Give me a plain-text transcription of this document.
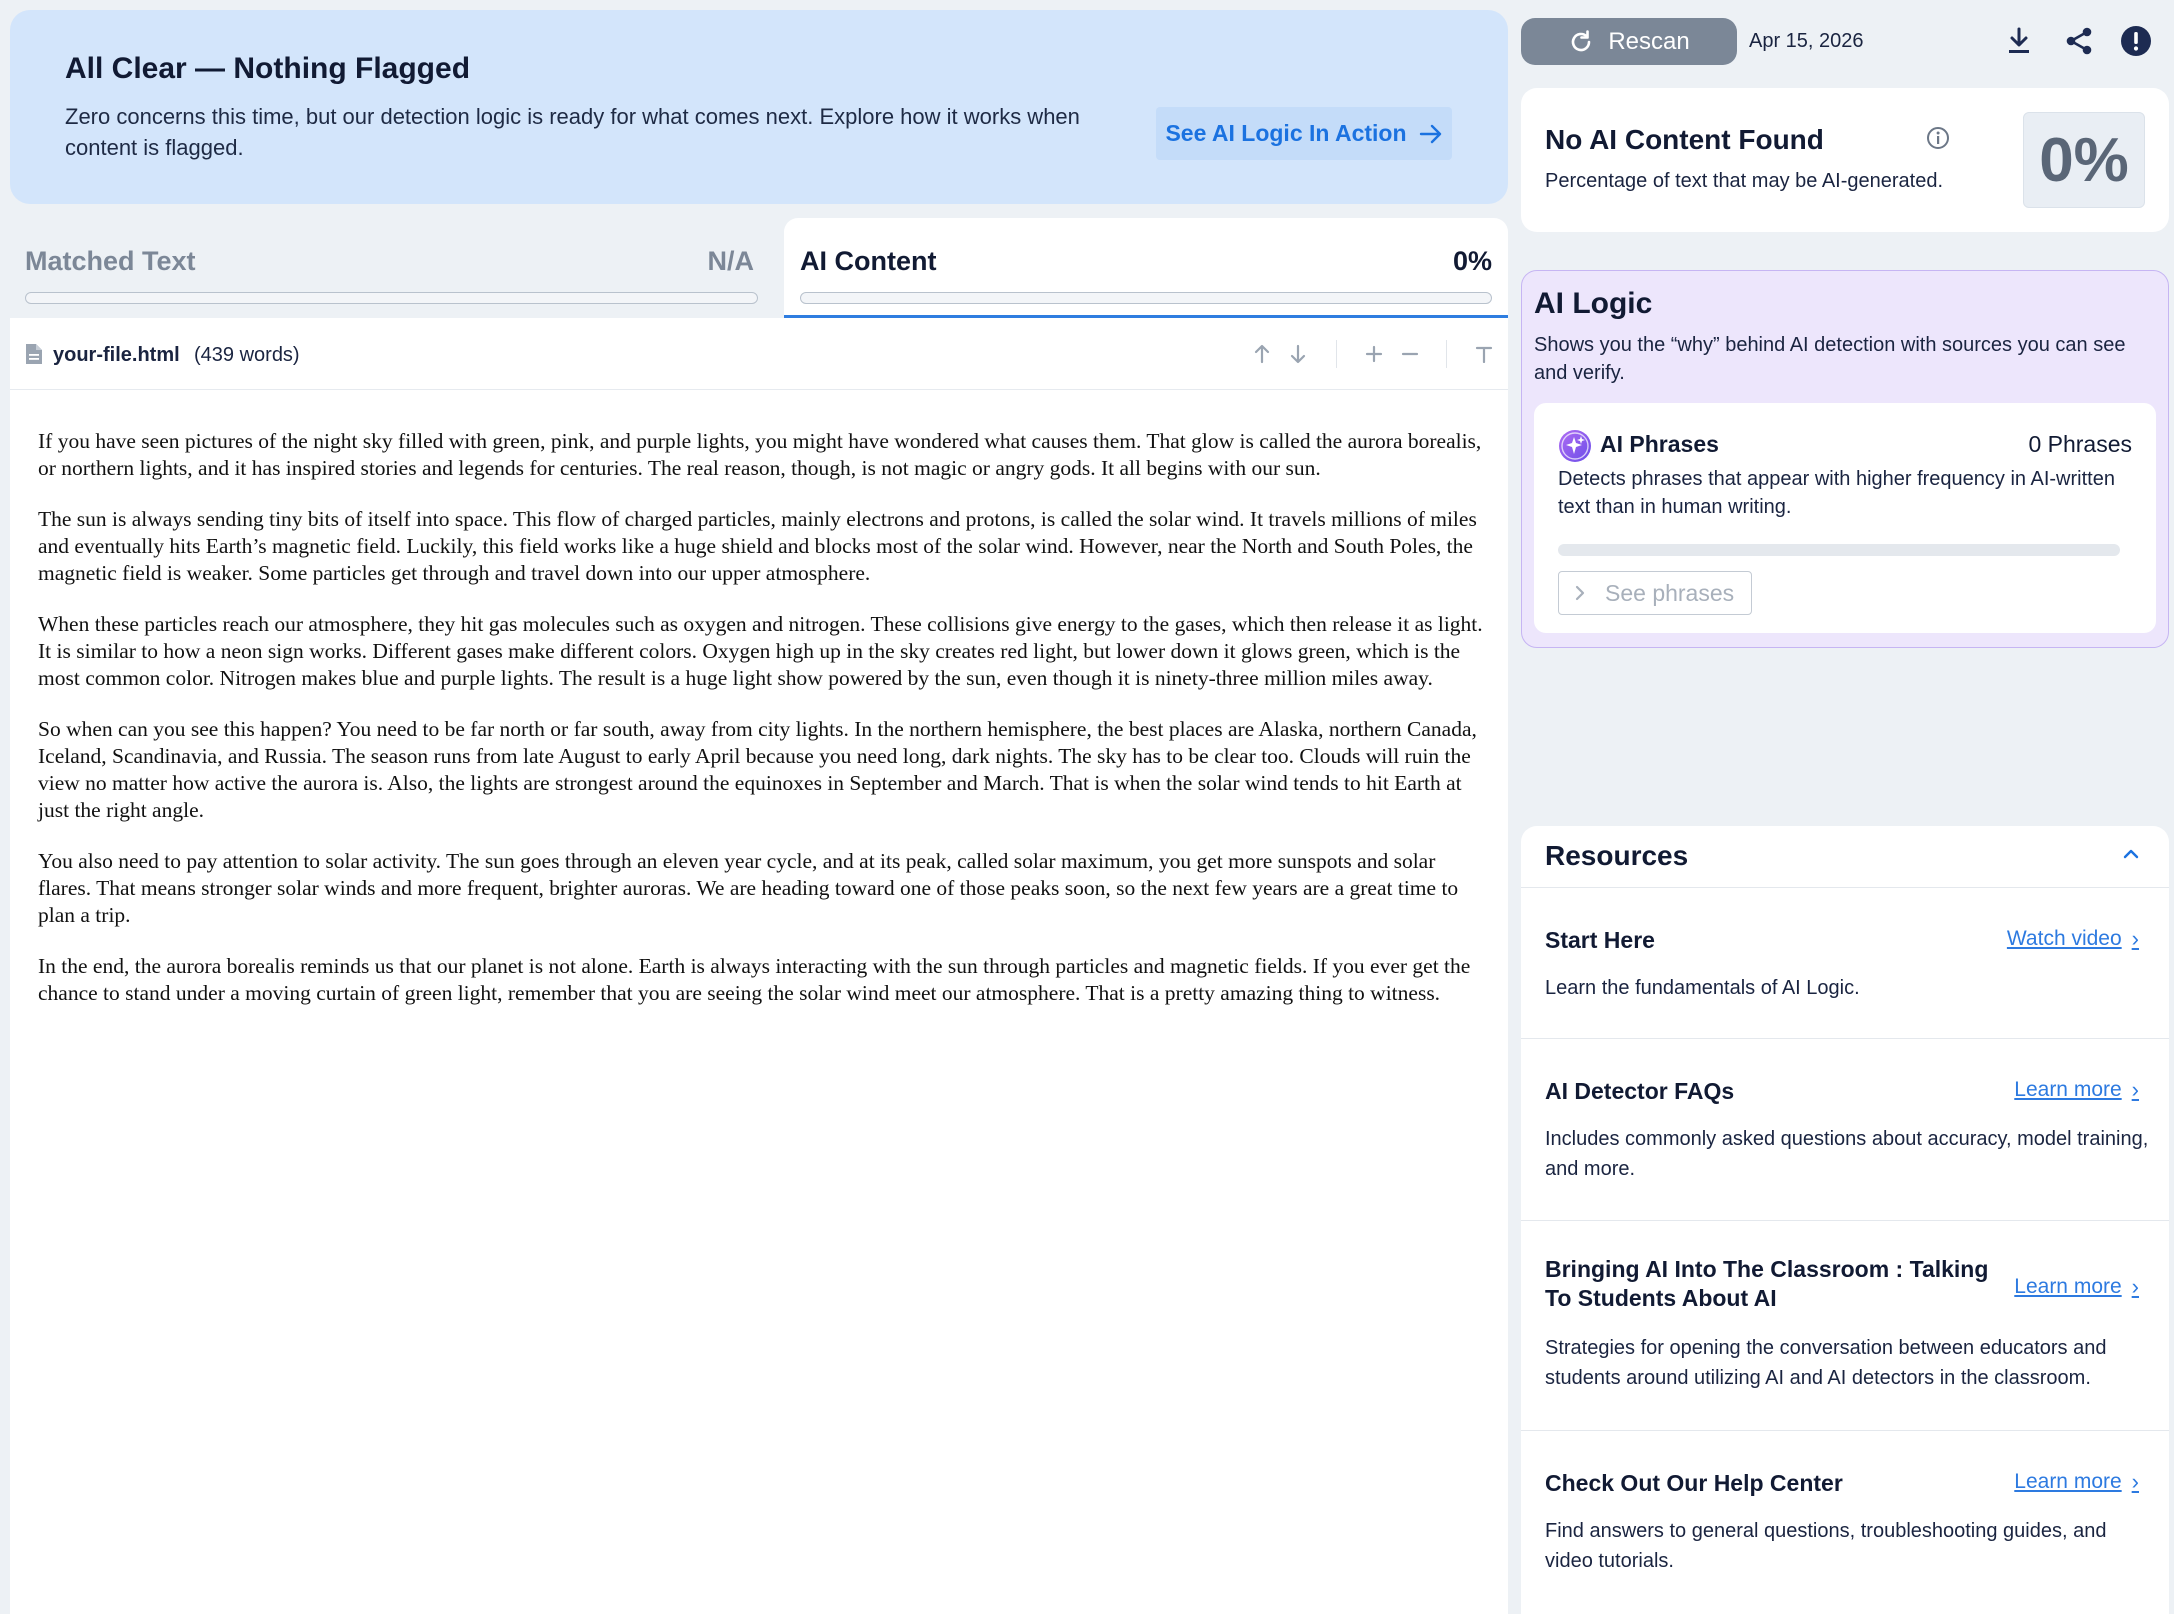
All Clear — Nothing Flagged
Zero concerns this time, but our detection logic is ready for what comes next. Explore how it works when content is flagged.
See AI Logic In Action
Matched Text	N/A AI Content	0%
your-file.html (439 words)

If you have seen pictures of the night sky filled with green, pink, and purple lights, you might have wondered what causes them. That glow is called the aurora borealis, or northern lights, and it has inspired stories and legends for centuries. The real reason, though, is not magic or angry gods. It all begins with our sun.

The sun is always sending tiny bits of itself into space. This flow of charged particles, mainly electrons and protons, is called the solar wind. It travels millions of miles and eventually hits Earth’s magnetic field. Luckily, this field works like a huge shield and blocks most of the solar wind. However, near the North and South Poles, the magnetic field is weaker. Some particles get through and travel down into our upper atmosphere.

When these particles reach our atmosphere, they hit gas molecules such as oxygen and nitrogen. These collisions give energy to the gases, which then release it as light. It is similar to how a neon sign works. Different gases make different colors. Oxygen high up in the sky creates red light, but lower down it glows green, which is the most common color. Nitrogen makes blue and purple lights. The result is a huge light show powered by the sun, even though it is ninety-three million miles away.

So when can you see this happen? You need to be far north or far south, away from city lights. In the northern hemisphere, the best places are Alaska, northern Canada, Iceland, Scandinavia, and Russia. The season runs from late August to early April because you need long, dark nights. The sky has to be clear too. Clouds will ruin the view no matter how active the aurora is. Also, the lights are strongest around the equinoxes in September and March. That is when the solar wind tends to hit Earth at just the right angle.

You also need to pay attention to solar activity. The sun goes through an eleven year cycle, and at its peak, called solar maximum, you get more sunspots and solar flares. That means stronger solar winds and more frequent, brighter auroras. We are heading toward one of those peaks soon, so the next few years are a great time to plan a trip.

In the end, the aurora borealis reminds us that our planet is not alone. Earth is always interacting with the sun through particles and magnetic fields. If you ever get the chance to stand under a moving curtain of green light, remember that you are seeing the solar wind meet our atmosphere. That is a pretty amazing thing to witness.

Rescan	Apr 15, 2026
No AI Content Found
Percentage of text that may be AI-generated. 0%
AI Logic
Shows you the “why” behind AI detection with sources you can see and verify.
AI Phrases	0 Phrases
Detects phrases that appear with higher frequency in AI-written text than in human writing.
See phrases
Resources
Start Here	Watch video ›
Learn the fundamentals of AI Logic.
AI Detector FAQs	Learn more ›
Includes commonly asked questions about accuracy, model training, and more.
Bringing AI Into The Classroom : Talking To Students About AI	Learn more ›
Strategies for opening the conversation between educators and students around utilizing AI and AI detectors in the classroom.
Check Out Our Help Center	Learn more ›
Find answers to general questions, troubleshooting guides, and video tutorials.
